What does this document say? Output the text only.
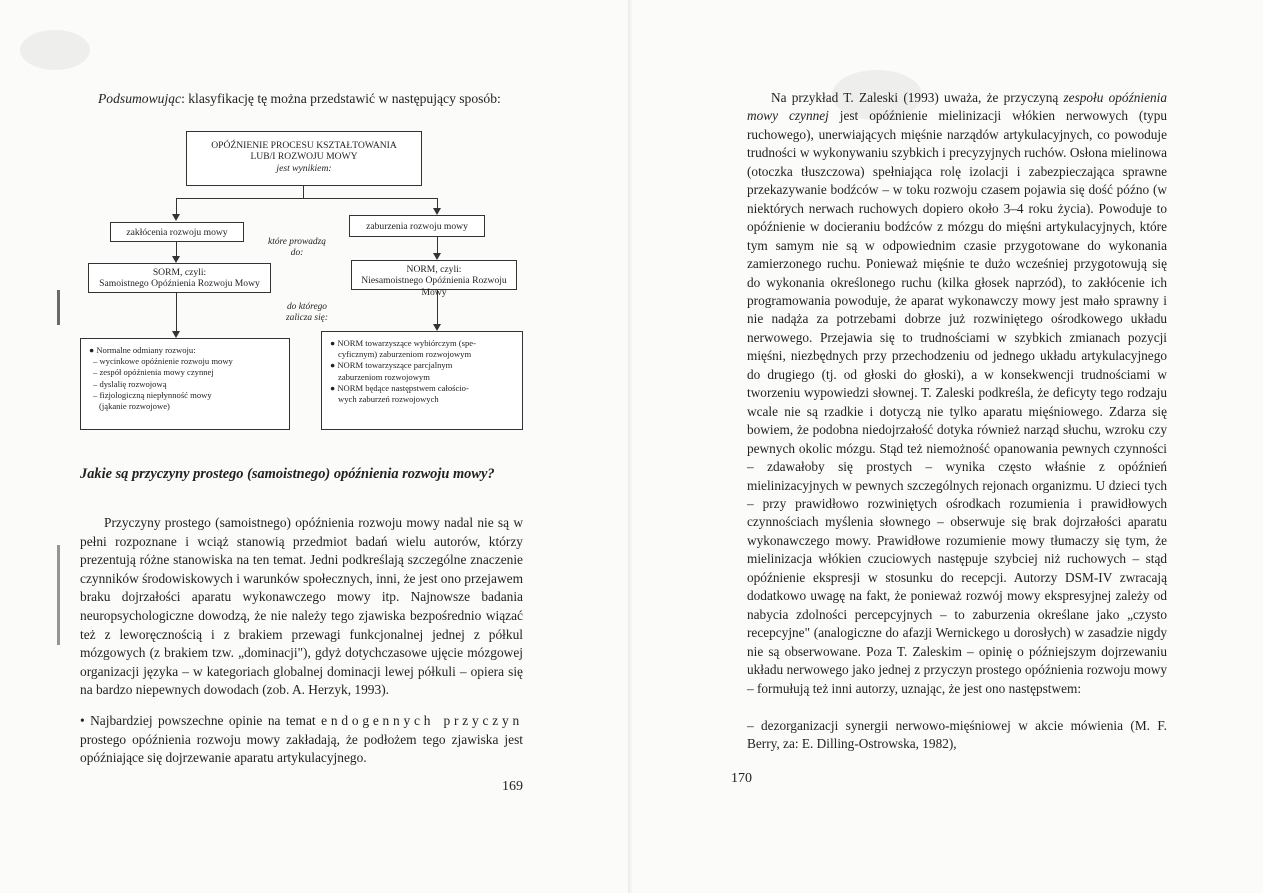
Podsumowując: klasyfikację tę można przedstawić w następujący sposób:
OPÓŹNIENIE PROCESU KSZTAŁTOWANIA
LUB/I ROZWOJU MOWY
jest wynikiem:
zakłócenia rozwoju mowy
zaburzenia rozwoju mowy
które prowadzą do:
SORM, czyli:
Samoistnego Opóźnienia Rozwoju Mowy
NORM, czyli:
Niesamoistnego Opóźnienia Rozwoju Mowy
do którego zalicza się:
● Normalne odmiany rozwoju:
– wycinkowe opóźnienie rozwoju mowy
– zespół opóźnienia mowy czynnej
– dyslalię rozwojową
– fizjologiczną niepłynność mowy
(jąkanie rozwojowe)
● NORM towarzyszące wybiórczym (spe-
cyficznym) zaburzeniom rozwojowym
● NORM towarzyszące parcjalnym
zaburzeniom rozwojowym
● NORM będące następstwem całościo-
wych zaburzeń rozwojowych
Jakie są przyczyny prostego (samoistnego) opóźnienia rozwoju mowy?

Przyczyny prostego (samoistnego) opóźnienia rozwoju mowy nadal nie są w pełni rozpoznane i wciąż stanowią przedmiot badań wielu autorów, którzy prezentują różne stanowiska na ten temat. Jedni podkreślają szczególne znaczenie czynników środowiskowych i warunków społecznych, inni, że jest ono przejawem braku dojrzałości aparatu wykonawczego mowy itp. Najnowsze badania neuropsychologiczne dowodzą, że nie należy tego zjawiska bezpośrednio wiązać też z leworęcznością i z brakiem przewagi funkcjonalnej jednej z półkul mózgowych (z brakiem tzw. „dominacji"), gdyż dotychczasowe ujęcie mózgowej organizacji języka – w kategoriach globalnej dominacji lewej półkuli – opiera się na bardzo niepewnych dowodach (zob. A. Herzyk, 1993).

• Najbardziej powszechne opinie na temat endogennych przyczyn prostego opóźnienia rozwoju mowy zakładają, że podłożem tego zjawiska jest opóźniające się dojrzewanie aparatu artykulacyjnego.
169

Na przykład T. Zaleski (1993) uważa, że przyczyną zespołu opóźnienia mowy czynnej jest opóźnienie mielinizacji włókien nerwowych (typu ruchowego), unerwiających mięśnie narządów artykulacyjnych, co powoduje trudności w wykonywaniu szybkich i precyzyjnych ruchów. Osłona mielinowa (otoczka tłuszczowa) spełniająca rolę izolacji i zabezpieczająca sprawne przekazywanie bodźców – w toku rozwoju czasem pojawia się dość późno (w niektórych nerwach ruchowych dopiero około 3–4 roku życia). Powoduje to opóźnienie w docieraniu bodźców z mózgu do mięśni artykulacyjnych, które tym samym nie są w odpowiednim czasie przygotowane do wykonania zamierzonego ruchu. Ponieważ mięśnie te dużo wcześniej przygotowują się do wykonania określonego ruchu (kilka głosek naprzód), to zakłócenie ich programowania powoduje, że aparat wykonawczy mowy jest mało sprawny i nie nadąża za potrzebami dobrze już rozwiniętego ośrodkowego układu nerwowego. Przejawia się to trudnościami w szybkich zmianach pozycji mięśni, niezbędnych przy przechodzeniu od jednego układu artykulacyjnego do drugiego (tj. od głoski do głoski), a w konsekwencji trudnościami w tworzeniu wypowiedzi słownej. T. Zaleski podkreśla, że deficyty tego rodzaju wcale nie są rzadkie i dotyczą nie tylko aparatu mięśniowego. Zdarza się bowiem, że podobna niedojrzałość dotyka również narząd słuchu, wzroku czy pewnych okolic mózgu. Stąd też niemożność opanowania pewnych czynności – zdawałoby się prostych – wynika często właśnie z opóźnień mielinizacyjnych w pewnych szczególnych rejonach organizmu. U dzieci tych – przy prawidłowo rozwiniętych ośrodkach rozumienia i prawidłowych czynnościach myślenia słownego – obserwuje się brak dojrzałości aparatu wykonawczego mowy. Prawidłowe rozumienie mowy tłumaczy się tym, że mielinizacja włókien czuciowych następuje szybciej niż ruchowych – stąd opóźnienie ekspresji w stosunku do recepcji. Autorzy DSM-IV zwracają dodatkowo uwagę na fakt, że ponieważ rozwój mowy ekspresyjnej zależy od nabycia zdolności percepcyjnych – to zaburzenia określane jako „czysto recepcyjne" (analogiczne do afazji Wernickego u dorosłych) w zasadzie nigdy nie są obserwowane. Poza T. Zaleskim – opinię o późniejszym dojrzewaniu układu nerwowego jako jednej z przyczyn prostego opóźnienia rozwoju mowy – formułują też inni autorzy, uznając, że jest ono następstwem:

– dezorganizacji synergii nerwowo-mięśniowej w akcie mówienia (M. F. Berry, za: E. Dilling-Ostrowska, 1982),
170
